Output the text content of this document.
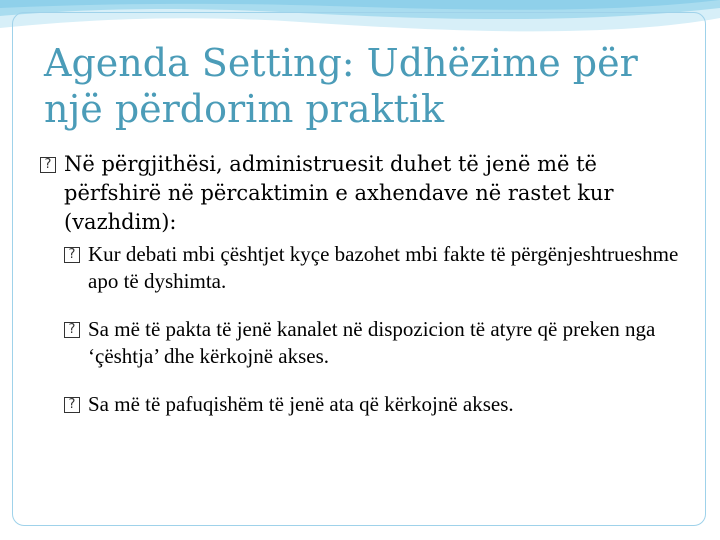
Agenda Setting: Udhëzime për
një përdorim praktik

? Në përgjithësi, administruesit duhet të jenë më të përfshirë në përcaktimin e axhendave në rastet kur (vazhdim):

? Kur debati mbi çështjet kyçe bazohet mbi fakte të përgënjeshtrueshme apo të dyshimta.

? Sa më të pakta të jenë kanalet në dispozicion të atyre që preken nga ‘çështja’ dhe kërkojnë akses.

? Sa më të pafuqishëm të jenë ata që kërkojnë akses.
